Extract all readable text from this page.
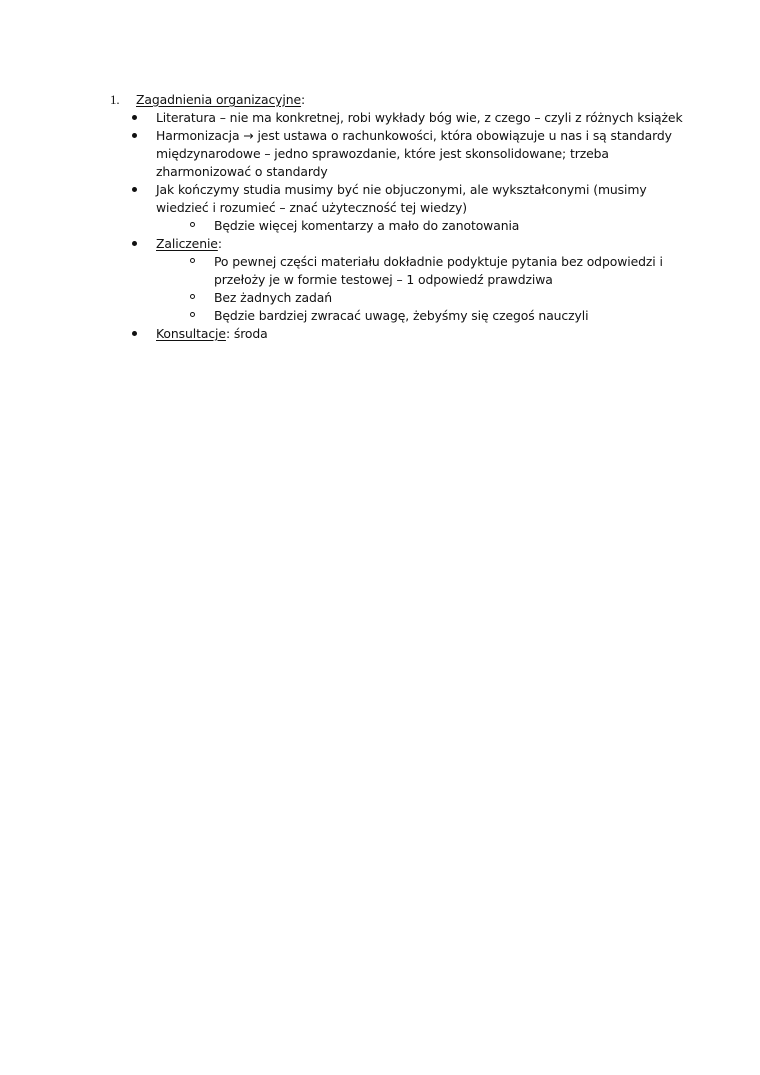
1. Zagadnienia organizacyjne:
Literatura – nie ma konkretnej, robi wykłady bóg wie, z czego – czyli z różnych książek
Harmonizacja → jest ustawa o rachunkowości, która obowiązuje u nas i są standardy międzynarodowe – jedno sprawozdanie, które jest skonsolidowane; trzeba zharmonizować o standardy
Jak kończymy studia musimy być nie objuczonymi, ale wykształconymi (musimy wiedzieć i rozumieć – znać użyteczność tej wiedzy)
Będzie więcej komentarzy a mało do zanotowania
Zaliczenie:
Po pewnej części materiału dokładnie podyktuje pytania bez odpowiedzi i przełoży je w formie testowej – 1 odpowiedź prawdziwa
Bez żadnych zadań
Będzie bardziej zwracać uwagę, żebyśmy się czegoś nauczyli
Konsultacje: środa
